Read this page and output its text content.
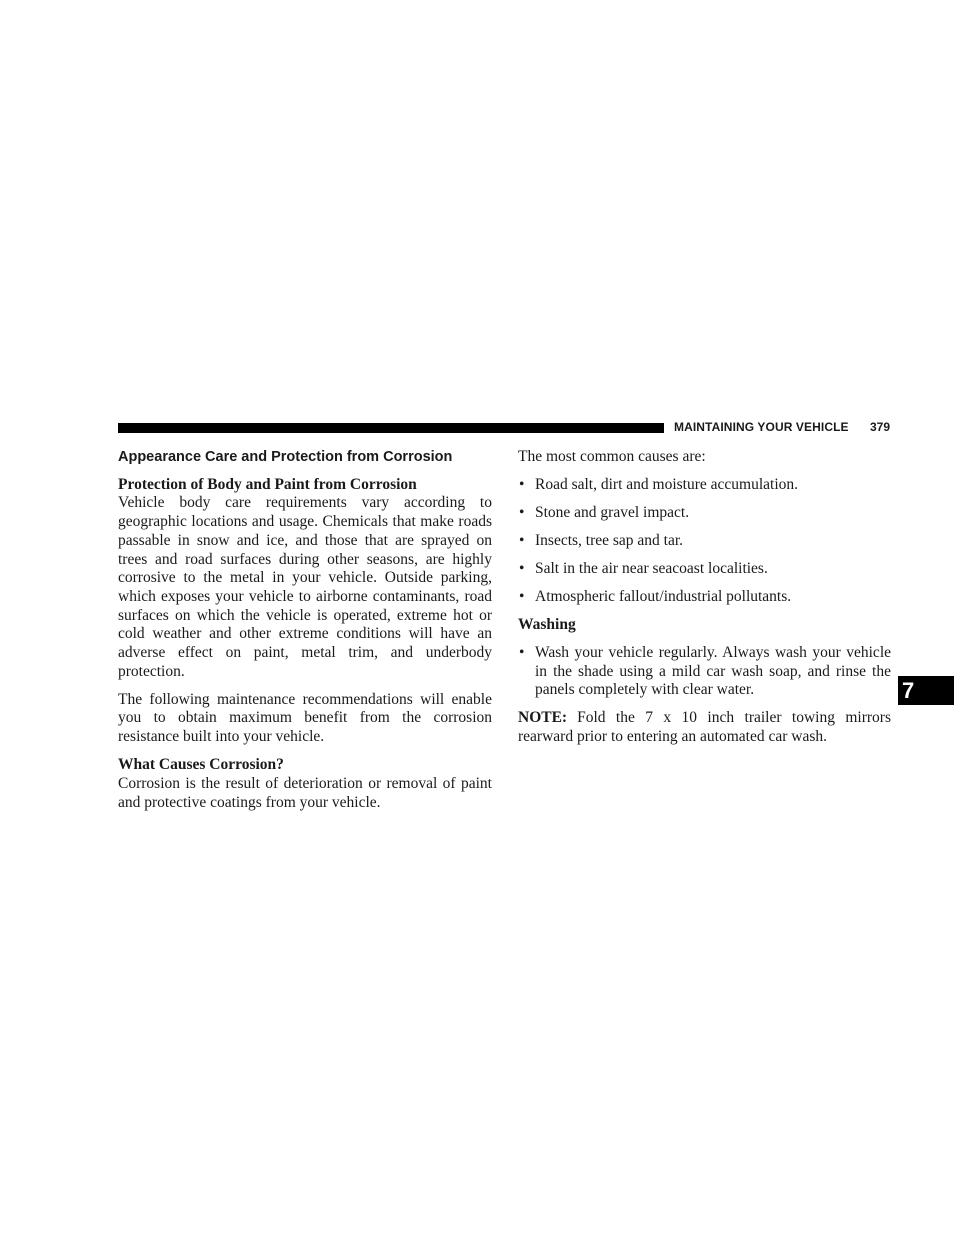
MAINTAINING YOUR VEHICLE 379
Appearance Care and Protection from Corrosion

Protection of Body and Paint from Corrosion
Vehicle body care requirements vary according to geographic locations and usage. Chemicals that make roads passable in snow and ice, and those that are sprayed on trees and road surfaces during other seasons, are highly corrosive to the metal in your vehicle. Outside parking, which exposes your vehicle to airborne contaminants, road surfaces on which the vehicle is operated, extreme hot or cold weather and other extreme conditions will have an adverse effect on paint, metal trim, and underbody protection.

The following maintenance recommendations will enable you to obtain maximum benefit from the corrosion resistance built into your vehicle.

What Causes Corrosion?
Corrosion is the result of deterioration or removal of paint and protective coatings from your vehicle.

The most common causes are:

• Road salt, dirt and moisture accumulation.
• Stone and gravel impact.
• Insects, tree sap and tar.
• Salt in the air near seacoast localities.
• Atmospheric fallout/industrial pollutants.

Washing

• Wash your vehicle regularly. Always wash your vehicle in the shade using a mild car wash soap, and rinse the panels completely with clear water.

NOTE: Fold the 7 x 10 inch trailer towing mirrors rearward prior to entering an automated car wash.

7
